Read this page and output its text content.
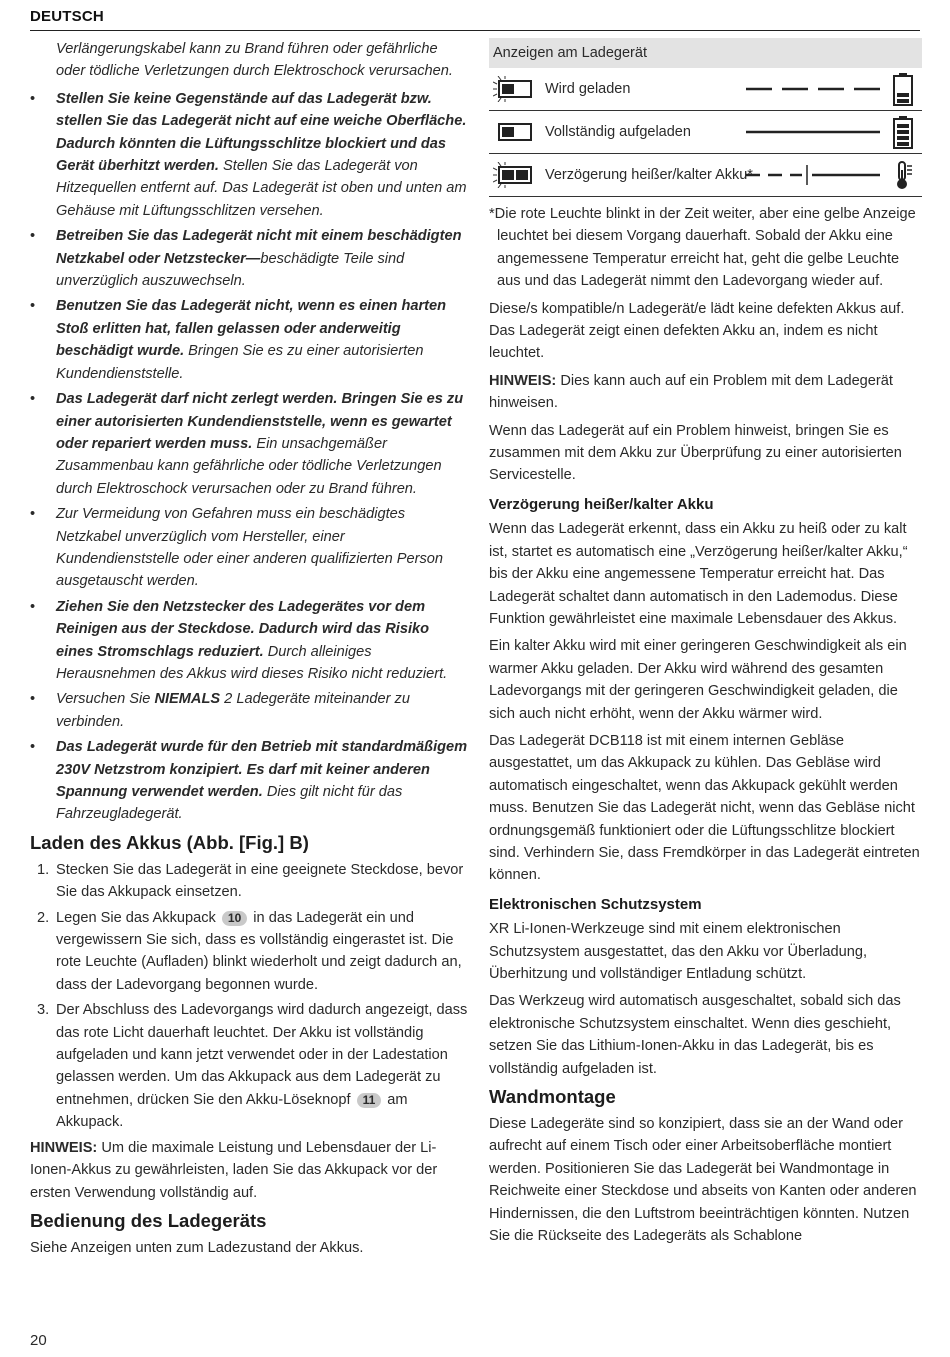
DEUTSCH

Verlängerungskabel kann zu Brand führen oder gefährliche oder tödliche Verletzungen durch Elektroschock verursachen.

• Stellen Sie keine Gegenstände auf das Ladegerät bzw. stellen Sie das Ladegerät nicht auf eine weiche Oberfläche. Dadurch könnten die Lüftungsschlitze blockiert und das Gerät überhitzt werden. Stellen Sie das Ladegerät von Hitzequellen entfernt auf. Das Ladegerät ist oben und unten am Gehäuse mit Lüftungsschlitzen versehen.
• Betreiben Sie das Ladegerät nicht mit einem beschädigten Netzkabel oder Netzstecker—beschädigte Teile sind unverzüglich auszuwechseln.
• Benutzen Sie das Ladegerät nicht, wenn es einen harten Stoß erlitten hat, fallen gelassen oder anderweitig beschädigt wurde. Bringen Sie es zu einer autorisierten Kundendienststelle.
• Das Ladegerät darf nicht zerlegt werden. Bringen Sie es zu einer autorisierten Kundendienststelle, wenn es gewartet oder repariert werden muss. Ein unsachgemäßer Zusammenbau kann gefährliche oder tödliche Verletzungen durch Elektroschock verursachen oder zu Brand führen.
• Zur Vermeidung von Gefahren muss ein beschädigtes Netzkabel unverzüglich vom Hersteller, einer Kundendienststelle oder einer anderen qualifizierten Person ausgetauscht werden.
• Ziehen Sie den Netzstecker des Ladegerätes vor dem Reinigen aus der Steckdose. Dadurch wird das Risiko eines Stromschlags reduziert. Durch alleiniges Herausnehmen des Akkus wird dieses Risiko nicht reduziert.
• Versuchen Sie NIEMALS 2 Ladegeräte miteinander zu verbinden.
• Das Ladegerät wurde für den Betrieb mit standardmäßigem 230V Netzstrom konzipiert. Es darf mit keiner anderen Spannung verwendet werden. Dies gilt nicht für das Fahrzeugladegerät.
Laden des Akkus (Abb. [Fig.] B)
1. Stecken Sie das Ladegerät in eine geeignete Steckdose, bevor Sie das Akkupack einsetzen.
2. Legen Sie das Akkupack 10 in das Ladegerät ein und vergewissern Sie sich, dass es vollständig eingerastet ist. Die rote Leuchte (Aufladen) blinkt wiederholt und zeigt dadurch an, dass der Ladevorgang begonnen wurde.
3. Der Abschluss des Ladevorgangs wird dadurch angezeigt, dass das rote Licht dauerhaft leuchtet. Der Akku ist vollständig aufgeladen und kann jetzt verwendet oder in der Ladestation gelassen werden. Um das Akkupack aus dem Ladegerät zu entnehmen, drücken Sie den Akku-Löseknopf 11 am Akkupack.

HINWEIS: Um die maximale Leistung und Lebensdauer der Li-Ionen-Akkus zu gewährleisten, laden Sie das Akkupack vor der ersten Verwendung vollständig auf.

Bedienung des Ladegeräts

Siehe Anzeigen unten zum Ladezustand der Akkus.

Anzeigen am Ladegerät
Wird geladen
Vollständig aufgeladen
Verzögerung heißer/kalter Akku*

*Die rote Leuchte blinkt in der Zeit weiter, aber eine gelbe Anzeige leuchtet bei diesem Vorgang dauerhaft. Sobald der Akku eine angemessene Temperatur erreicht hat, geht die gelbe Leuchte aus und das Ladegerät nimmt den Ladevorgang wieder auf.

Diese/s kompatible/n Ladegerät/e lädt keine defekten Akkus auf. Das Ladegerät zeigt einen defekten Akku an, indem es nicht leuchtet.

HINWEIS: Dies kann auch auf ein Problem mit dem Ladegerät hinweisen.

Wenn das Ladegerät auf ein Problem hinweist, bringen Sie es zusammen mit dem Akku zur Überprüfung zu einer autorisierten Servicestelle.

Verzögerung heißer/kalter Akku

Wenn das Ladegerät erkennt, dass ein Akku zu heiß oder zu kalt ist, startet es automatisch eine „Verzögerung heißer/kalter Akku,“ bis der Akku eine angemessene Temperatur erreicht hat. Das Ladegerät schaltet dann automatisch in den Lademodus. Diese Funktion gewährleistet eine maximale Lebensdauer des Akkus.

Ein kalter Akku wird mit einer geringeren Geschwindigkeit als ein warmer Akku geladen. Der Akku wird während des gesamten Ladevorgangs mit der geringeren Geschwindigkeit geladen, die sich auch nicht erhöht, wenn der Akku wärmer wird.

Das Ladegerät DCB118 ist mit einem internen Gebläse ausgestattet, um das Akkupack zu kühlen. Das Gebläse wird automatisch eingeschaltet, wenn das Akkupack gekühlt werden muss. Benutzen Sie das Ladegerät nicht, wenn das Gebläse nicht ordnungsgemäß funktioniert oder die Lüftungsschlitze blockiert sind. Verhindern Sie, dass Fremdkörper in das Ladegerät eintreten können.

Elektronischen Schutzsystem

XR Li-Ionen-Werkzeuge sind mit einem elektronischen Schutzsystem ausgestattet, das den Akku vor Überladung, Überhitzung und vollständiger Entladung schützt.

Das Werkzeug wird automatisch ausgeschaltet, sobald sich das elektronische Schutzsystem einschaltet. Wenn dies geschieht, setzen Sie das Lithium-Ionen-Akku in das Ladegerät, bis es vollständig aufgeladen ist.

Wandmontage

Diese Ladegeräte sind so konzipiert, dass sie an der Wand oder aufrecht auf einem Tisch oder einer Arbeitsoberfläche montiert werden. Positionieren Sie das Ladegerät bei Wandmontage in Reichweite einer Steckdose und abseits von Kanten oder anderen Hindernissen, die den Luftstrom beeinträchtigen könnten. Nutzen Sie die Rückseite des Ladegeräts als Schablone

20
